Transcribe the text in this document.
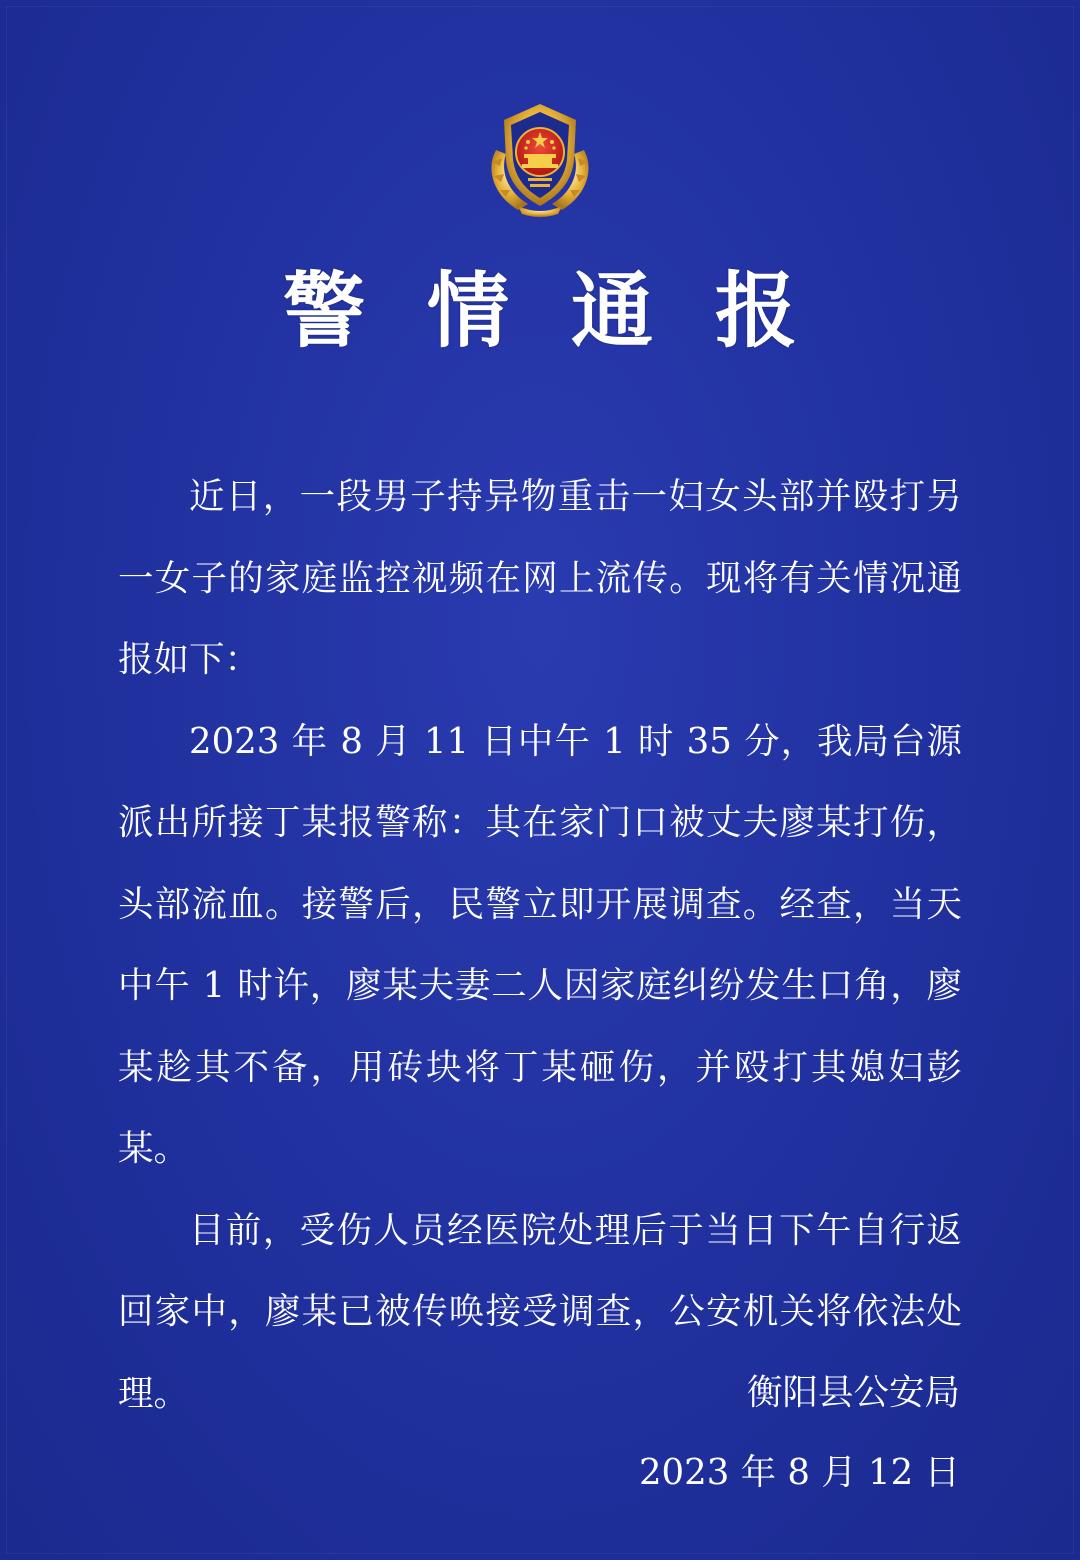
警情通报

近日，一段男子持异物重击一妇女头部并殴打另一女子的家庭监控视频在网上流传。现将有关情况通报如下：

2023 年 8 月 11 日中午 1 时 35 分，我局台源派出所接丁某报警称：其在家门口被丈夫廖某打伤，头部流血。接警后，民警立即开展调查。经查，当天中午 1 时许，廖某夫妻二人因家庭纠纷发生口角，廖某趁其不备，用砖块将丁某砸伤，并殴打其媳妇彭某。

目前，受伤人员经医院处理后于当日下午自行返回家中，廖某已被传唤接受调查，公安机关将依法处理。	衡阳县公安局
2023 年 8 月 12 日
